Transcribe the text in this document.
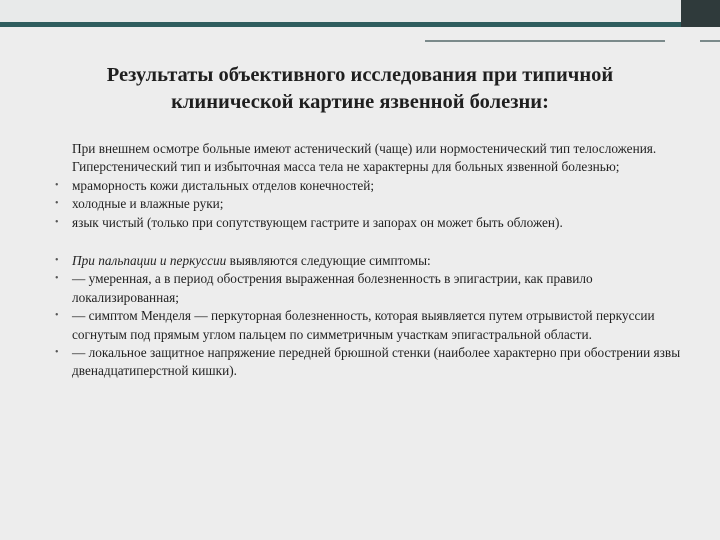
Результаты объективного исследования при типичной
клинической картине язвенной болезни:
При внешнем осмотре больные имеют астенический (чаще) или нормостенический тип телосложения.
Гиперстенический тип и избыточная масса тела не характерны для больных язвенной болезнью;
• мраморность кожи дистальных отделов конечностей;
• холодные и влажные руки;
• язык чистый (только при сопутствующем гастрите и запорах он может быть обложен).
• При пальпации и перкуссии выявляются следующие симптомы:
• — умеренная, а в период обострения выраженная болезненность в эпигастрии, как правило локализированная;
• — симптом Менделя — перкуторная болезненность, которая выявляется путем отрывистой перкуссии согнутым под прямым углом пальцем по симметричным участкам эпигастральной области.
• — локальное защитное напряжение передней брюшной стенки (наиболее характерно при обострении язвы двенадцатиперстной кишки).
